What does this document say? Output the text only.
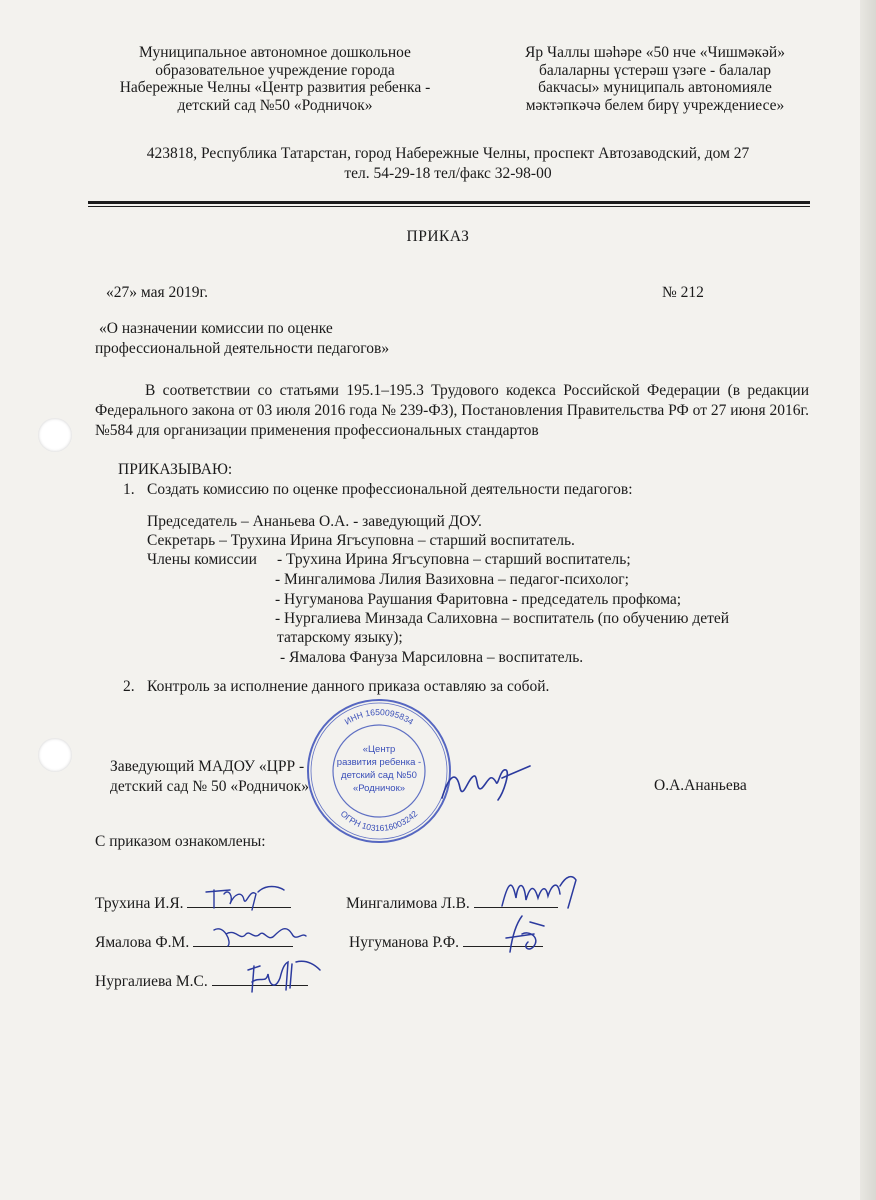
Муниципальное автономное дошкольное
образовательное учреждение города
Набережные Челны «Центр развития ребенка -
детский сад №50 «Родничок»
Яр Чаллы шәһәре «50 нче «Чишмәкәй»
балаларны үстерәш үзәге - балалар
бакчасы» муниципаль автономияле
мәктәпкәчә белем бирү учреждениесе»
423818, Республика Татарстан, город Набережные Челны, проспект Автозаводский, дом 27
тел. 54-29-18 тел/факс 32-98-00
ПРИКАЗ
«27» мая 2019г.	№ 212
«О назначении комиссии по оценке
профессиональной деятельности педагогов»
В соответствии со статьями 195.1–195.3 Трудового кодекса Российской Федерации (в редакции Федерального закона от 03 июля 2016 года № 239-ФЗ), Постановления Правительства РФ от 27 июня 2016г. №584 для организации применения профессиональных стандартов
ПРИКАЗЫВАЮ:
1. Создать комиссию по оценке профессиональной деятельности педагогов:
Председатель – Ананьева О.А. - заведующий ДОУ.
Секретарь – Трухина Ирина Ягъсуповна – старший воспитатель.
Члены комиссии - Трухина Ирина Ягъсуповна – старший воспитатель;
- Мингалимова Лилия Вазиховна – педагог-психолог;
- Нугуманова Раушания Фаритовна - председатель профкома;
- Нургалиева Минзада Салиховна – воспитатель (по обучению детей
татарскому языку);
- Ямалова Фануза Марсиловна – воспитатель.
2. Контроль за исполнение данного приказа оставляю за собой.
ИНН 1650095834
ОГРН 1031616003242
«Центр
развития ребенка -
детский сад №50
«Родничок»
Заведующий МАДОУ «ЦРР -
детский сад № 50 «Родничок»	О.А.Ананьева
С приказом ознакомлены:
Трухина И.Я.	Мингалимова Л.В.
Ямалова Ф.М.	Нугуманова Р.Ф.
Нургалиева М.С.
